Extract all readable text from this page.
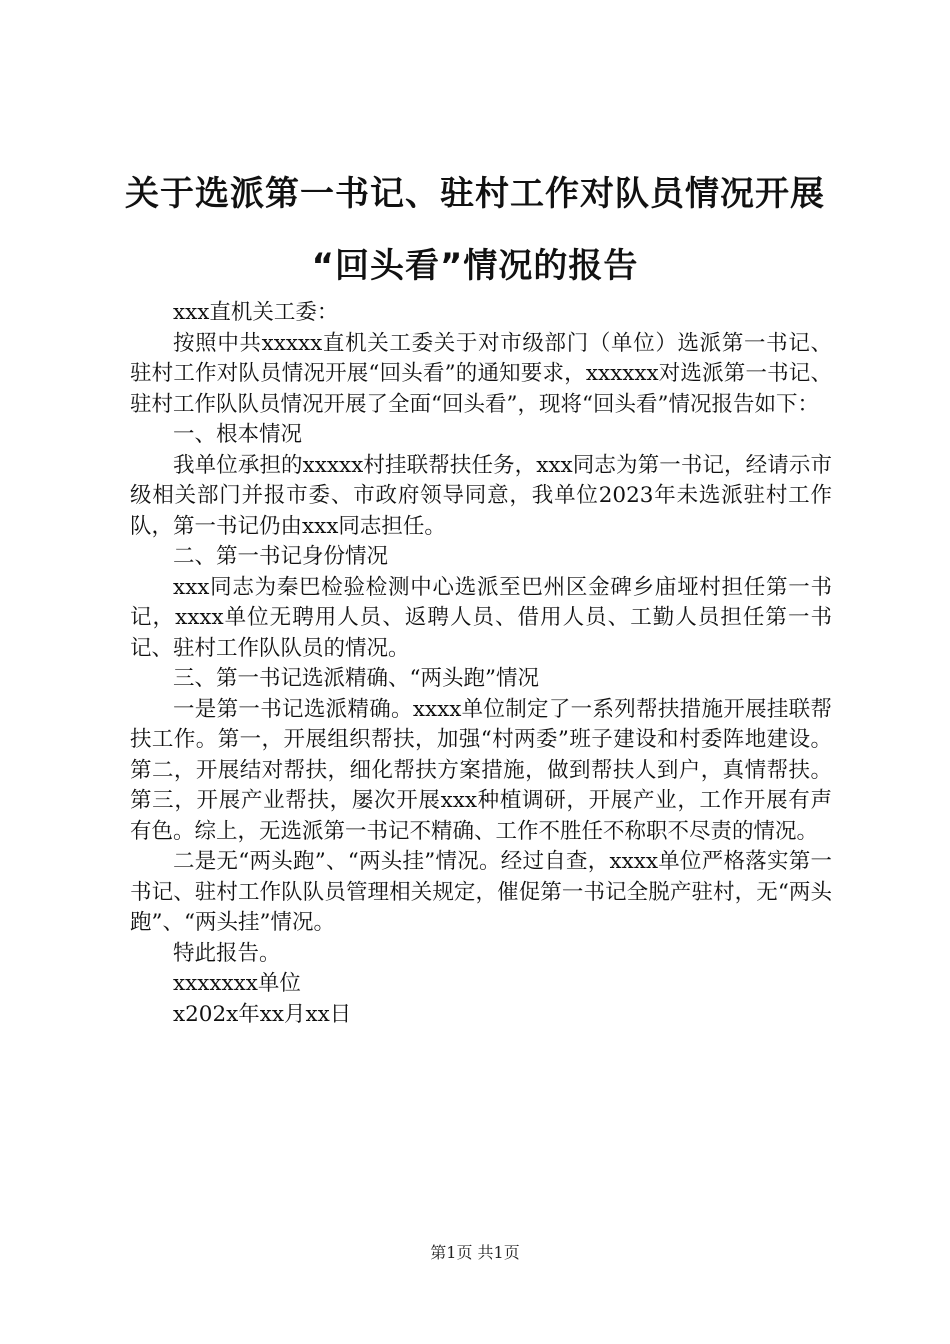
关于选派第一书记、驻村工作对队员情况开展
“回头看”情况的报告

xxx直机关工委：

按照中共xxxxx直机关工委关于对市级部门（单位）选派第一书记、驻村工作对队员情况开展“回头看”的通知要求，xxxxxx对选派第一书记、驻村工作队队员情况开展了全面“回头看”，现将“回头看”情况报告如下：

一、根本情况

我单位承担的xxxxx村挂联帮扶任务，xxx同志为第一书记，经请示市级相关部门并报市委、市政府领导同意，我单位2023年未选派驻村工作队，第一书记仍由xxx同志担任。

二、第一书记身份情况

xxx同志为秦巴检验检测中心选派至巴州区金碑乡庙垭村担任第一书记，xxxx单位无聘用人员、返聘人员、借用人员、工勤人员担任第一书记、驻村工作队队员的情况。

三、第一书记选派精确、“两头跑”情况

一是第一书记选派精确。xxxx单位制定了一系列帮扶措施开展挂联帮扶工作。第一，开展组织帮扶，加强“村两委”班子建设和村委阵地建设。第二，开展结对帮扶，细化帮扶方案措施，做到帮扶人到户，真情帮扶。第三，开展产业帮扶，屡次开展xxx种植调研，开展产业，工作开展有声有色。综上，无选派第一书记不精确、工作不胜任不称职不尽责的情况。

二是无“两头跑”、“两头挂”情况。经过自查，xxxx单位严格落实第一书记、驻村工作队队员管理相关规定，催促第一书记全脱产驻村，无“两头跑”、“两头挂”情况。

特此报告。

xxxxxxx单位

x202x年xx月xx日

第1页 共1页
